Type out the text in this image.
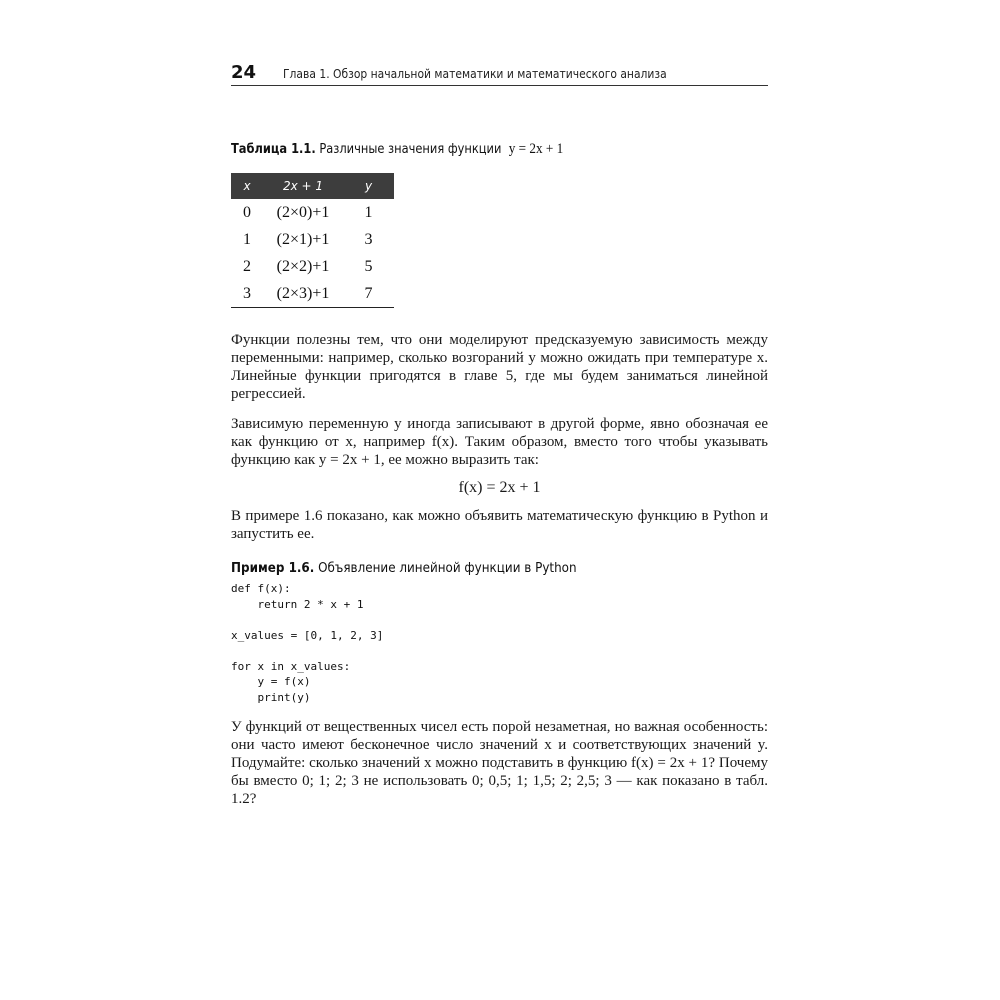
24 Глава 1. Обзор начальной математики и математического анализа
Таблица 1.1. Различные значения функции y = 2x + 1
x	2x + 1	y
0	(2×0)+1	1
1	(2×1)+1	3
2	(2×2)+1	5
3	(2×3)+1	7

Функции полезны тем, что они моделируют предсказуемую зависимость между переменными: например, сколько возгораний y можно ожидать при температуре x. Линейные функции пригодятся в главе 5, где мы будем заниматься линейной регрессией.

Зависимую переменную y иногда записывают в другой форме, явно обозначая ее как функцию от x, например f(x). Таким образом, вместо того чтобы указывать функцию как y = 2x + 1, ее можно выразить так:

f(x) = 2x + 1

В примере 1.6 показано, как можно объявить математическую функцию в Python и запустить ее.

Пример 1.6. Объявление линейной функции в Python
def f(x):
return 2 * x + 1

x_values = [0, 1, 2, 3]

for x in x_values:
y = f(x)
print(y)

У функций от вещественных чисел есть порой незаметная, но важная особенность: они часто имеют бесконечное число значений x и соответствующих значений y. Подумайте: сколько значений x можно подставить в функцию f(x) = 2x + 1? Почему бы вместо 0; 1; 2; 3 не использовать 0; 0,5; 1; 1,5; 2; 2,5; 3 — как показано в табл. 1.2?
